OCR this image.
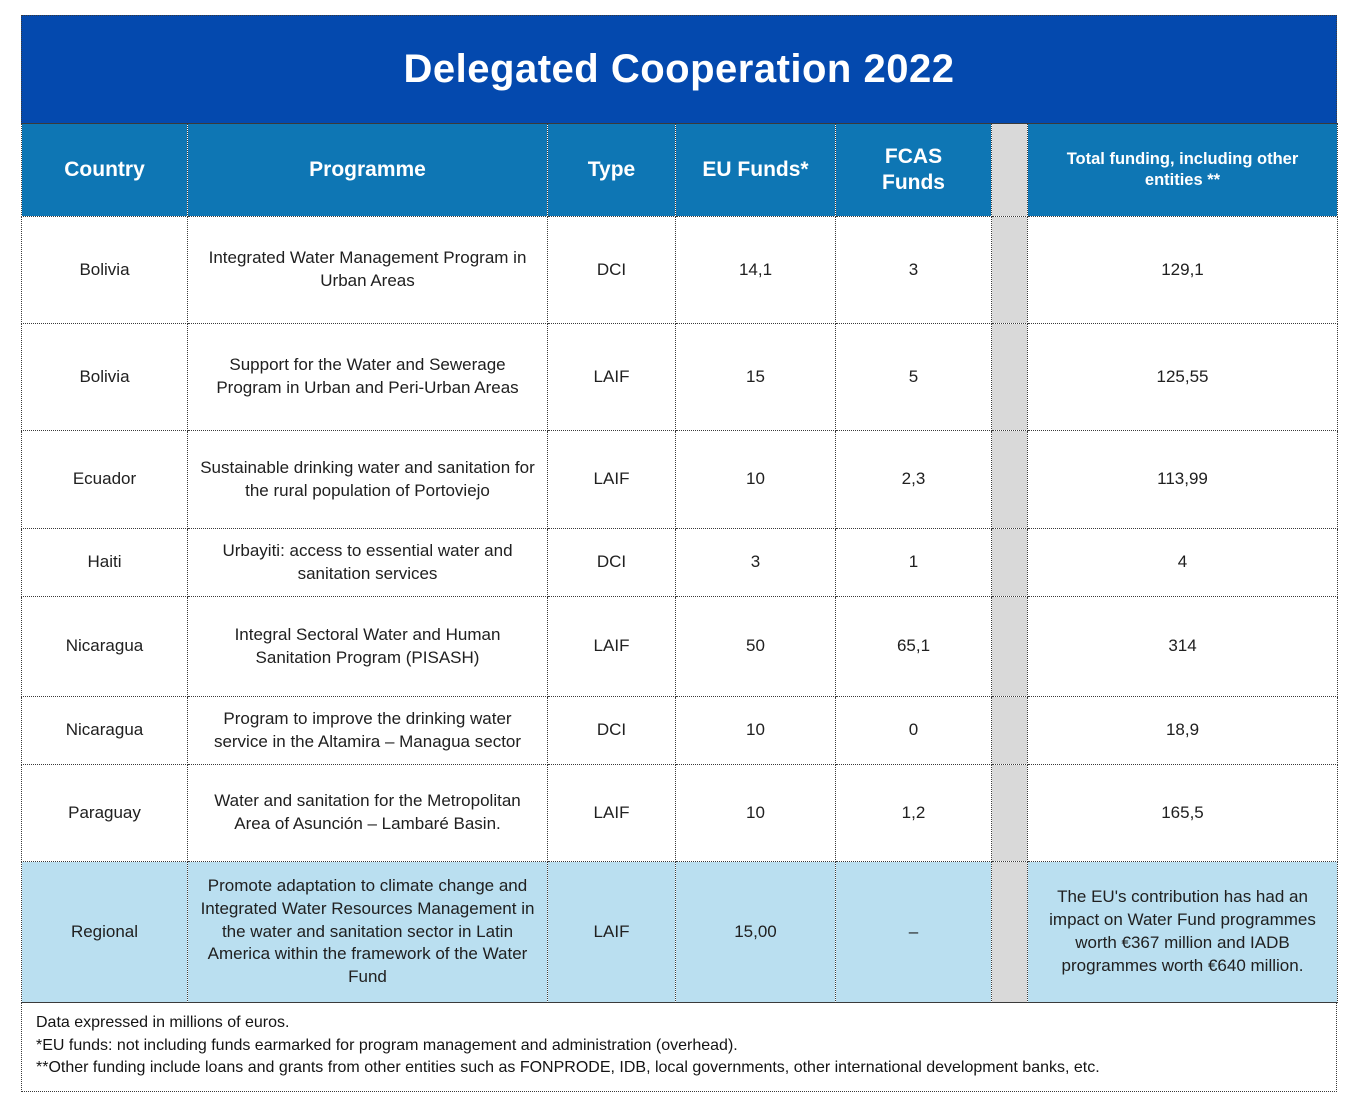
Delegated Cooperation 2022
Country	Programme	Type	EU Funds*	FCAS Funds		Total funding, including other entities **
Bolivia	Integrated Water Management Program in Urban Areas	DCI	14,1	3		129,1
Bolivia	Support for the Water and Sewerage Program in Urban and Peri-Urban Areas	LAIF	15	5		125,55
Ecuador	Sustainable drinking water and sanitation for the rural population of Portoviejo	LAIF	10	2,3		113,99
Haiti	Urbayiti: access to essential water and sanitation services	DCI	3	1		4
Nicaragua	Integral Sectoral Water and Human Sanitation Program (PISASH)	LAIF	50	65,1		314
Nicaragua	Program to improve the drinking water service in the Altamira – Managua sector	DCI	10	0		18,9
Paraguay	Water and sanitation for the Metropolitan Area of Asunción – Lambaré Basin.	LAIF	10	1,2		165,5
Regional	Promote adaptation to climate change and Integrated Water Resources Management in the water and sanitation sector in Latin America within the framework of the Water Fund	LAIF	15,00	–		The EU's contribution has had an impact on Water Fund programmes worth €367 million and IADB programmes worth €640 million.

Data expressed in millions of euros.

*EU funds: not including funds earmarked for program management and administration (overhead).

**Other funding include loans and grants from other entities such as FONPRODE, IDB, local governments, other international development banks, etc.
